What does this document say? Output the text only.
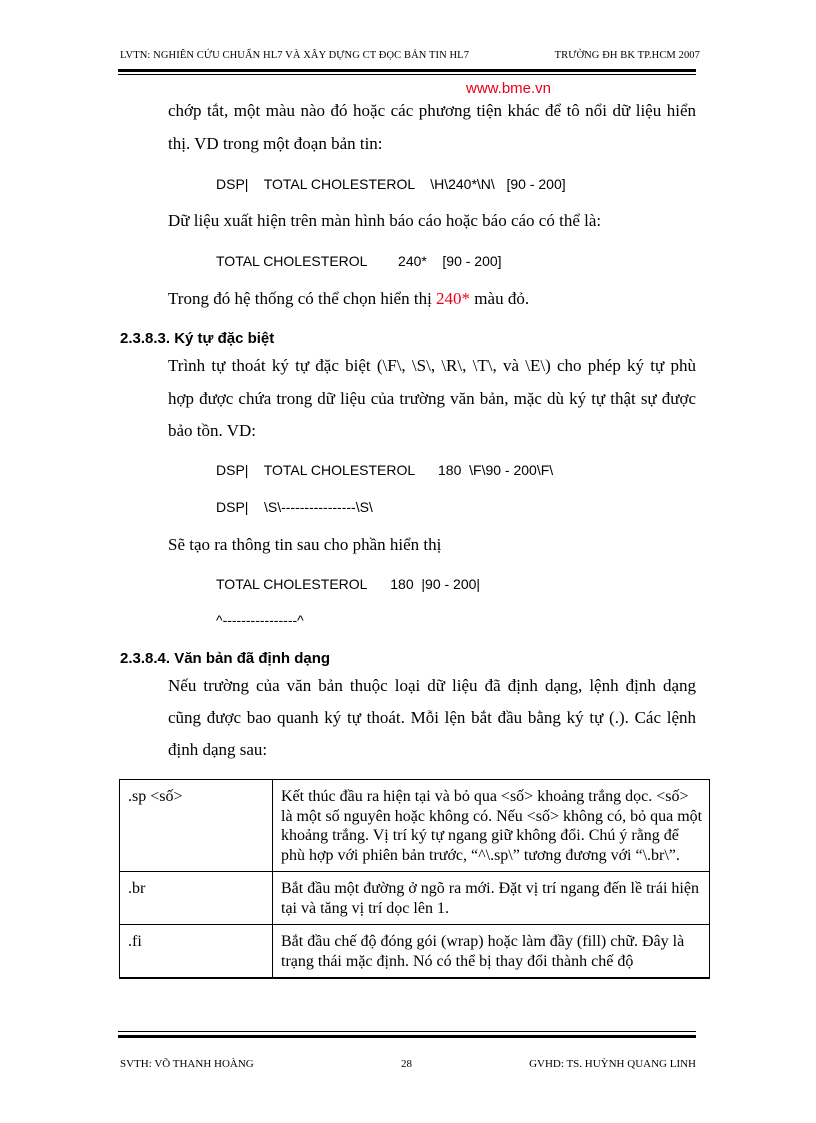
LVTN: NGHIÊN CỨU CHUẨN HL7 VÀ XÂY DỰNG CT ĐỌC BẢN TIN HL7	TRƯỜNG ĐH BK TP.HCM 2007
www.bme.vn
chớp tắt, một màu nào đó hoặc các phương tiện khác để tô nổi dữ liệu hiển
thị. VD trong một đoạn bản tin:
DSP|    TOTAL CHOLESTEROL    \H\240*\N\   [90 - 200]
Dữ liệu xuất hiện trên màn hình báo cáo hoặc báo cáo có thể là:
TOTAL CHOLESTEROL        240*    [90 - 200]
Trong đó hệ thống có thể chọn hiển thị 240* màu đỏ.
2.3.8.3. Ký tự đặc biệt
Trình tự thoát ký tự đặc biệt (\F\, \S\, \R\, \T\, và \E\) cho phép ký tự phù
hợp được chứa trong dữ liệu của trường văn bản, mặc dù ký tự thật sự được
bảo tồn. VD:
DSP|    TOTAL CHOLESTEROL      180  \F\90 - 200\F\
DSP|    \S\----------------\S\
Sẽ tạo ra thông tin sau cho phần hiển thị
TOTAL CHOLESTEROL      180  |90 - 200|
^----------------^
2.3.8.4. Văn bản đã định dạng
Nếu trường của văn bản thuộc loại dữ liệu đã định dạng, lệnh định dạng
cũng được bao quanh ký tự thoát. Mỗi lện bắt đầu bằng ký tự (.). Các lệnh
định dạng sau:
.sp <số>	Kết thúc đầu ra hiện tại và bỏ qua <số> khoảng trắng dọc. <số> là một số nguyên hoặc không có. Nếu <số> không có, bỏ qua một khoảng trắng. Vị trí ký tự ngang giữ không đổi. Chú ý rằng để phù hợp với phiên bản trước, “^\.sp\” tương đương với “\.br\”.
.br	Bắt đầu một đường ở ngõ ra mới. Đặt vị trí ngang đến lề trái hiện tại và tăng vị trí dọc lên 1.
.fi	Bắt đầu chế độ đóng gói (wrap) hoặc làm đầy (fill) chữ. Đây là trạng thái mặc định. Nó có thể bị thay đổi thành chế độ
SVTH: VÕ THANH HOÀNG	28	GVHD: TS. HUỲNH QUANG LINH
